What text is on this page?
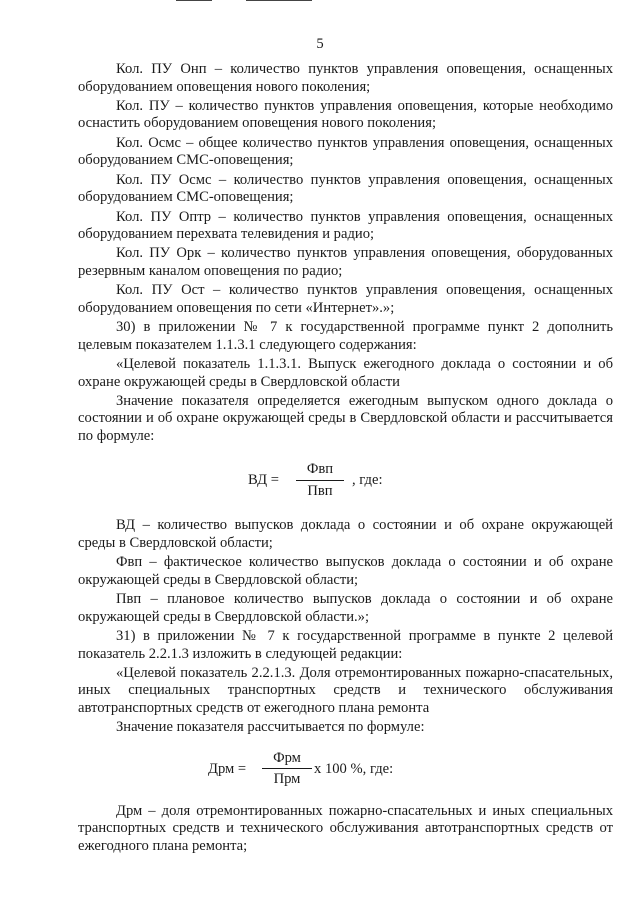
5

Кол. ПУ Онп – количество пунктов управления оповещения, оснащенных оборудованием оповещения нового поколения;

Кол. ПУ – количество пунктов управления оповещения, которые необходимо оснастить оборудованием оповещения нового поколения;

Кол. Осмс – общее количество пунктов управления оповещения, оснащенных оборудованием СМС-оповещения;

Кол. ПУ Осмс – количество пунктов управления оповещения, оснащенных оборудованием СМС-оповещения;

Кол. ПУ Оптр – количество пунктов управления оповещения, оснащенных оборудованием перехвата телевидения и радио;

Кол. ПУ Орк – количество пунктов управления оповещения, оборудованных резервным каналом оповещения по радио;

Кол. ПУ Ост – количество пунктов управления оповещения, оснащенных оборудованием оповещения по сети «Интернет».»;

30) в приложении № 7 к государственной программе пункт 2 дополнить целевым показателем 1.1.3.1 следующего содержания:

«Целевой показатель 1.1.3.1. Выпуск ежегодного доклада о состоянии и об охране окружающей среды в Свердловской области

Значение показателя определяется ежегодным выпуском одного доклада о состоянии и об охране окружающей среды в Свердловской области и рассчитывается по формуле:

ВД =
Фвп
Пвп
, где:

ВД – количество выпусков доклада о состоянии и об охране окружающей среды в Свердловской области;

Фвп – фактическое количество выпусков доклада о состоянии и об охране окружающей среды в Свердловской области;

Пвп – плановое количество выпусков доклада о состоянии и об охране окружающей среды в Свердловской области.»;

31) в приложении № 7 к государственной программе в пункте 2 целевой показатель 2.2.1.3 изложить в следующей редакции:

«Целевой показатель 2.2.1.3. Доля отремонтированных пожарно-спасательных, иных специальных транспортных средств и технического обслуживания автотранспортных средств от ежегодного плана ремонта

Значение показателя рассчитывается по формуле:

Дрм =
Фрм
Прм
х 100 %, где:

Дрм – доля отремонтированных пожарно-спасательных и иных специальных транспортных средств и технического обслуживания автотранспортных средств от ежегодного плана ремонта;
